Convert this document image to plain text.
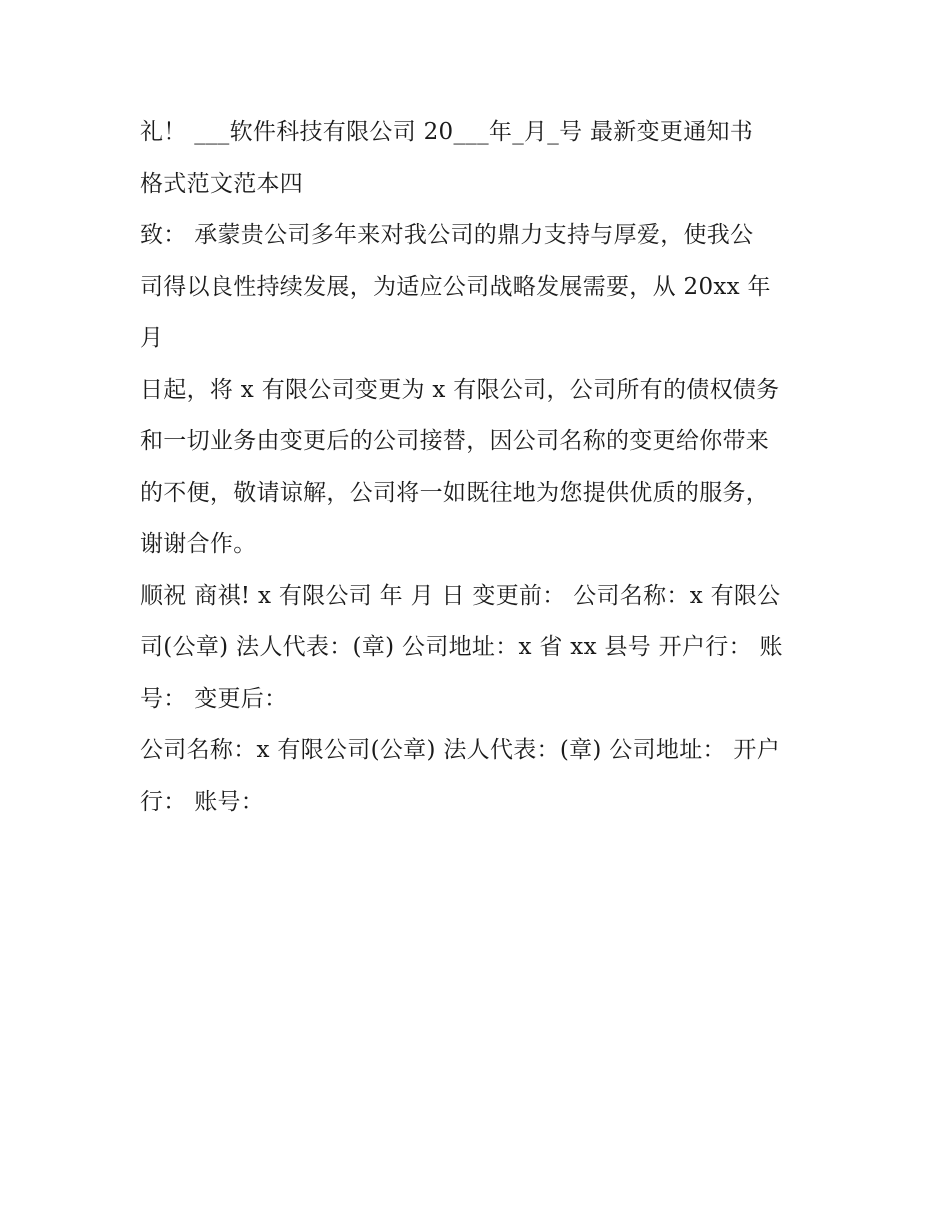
礼！ ___软件科技有限公司 20___年_月_号 最新变更通知书
格式范文范本四
致： 承蒙贵公司多年来对我公司的鼎力支持与厚爱，使我公
司得以良性持续发展，为适应公司战略发展需要，从 20xx 年
月
日起，将 x 有限公司变更为 x 有限公司，公司所有的债权债务
和一切业务由变更后的公司接替，因公司名称的变更给你带来
的不便，敬请谅解，公司将一如既往地为您提供优质的服务，
谢谢合作。
顺祝 商祺! x 有限公司 年 月 日 变更前： 公司名称：x 有限公
司(公章) 法人代表：(章) 公司地址：x 省 xx 县号 开户行： 账
号： 变更后：
公司名称：x 有限公司(公章) 法人代表：(章) 公司地址： 开户
行： 账号：
